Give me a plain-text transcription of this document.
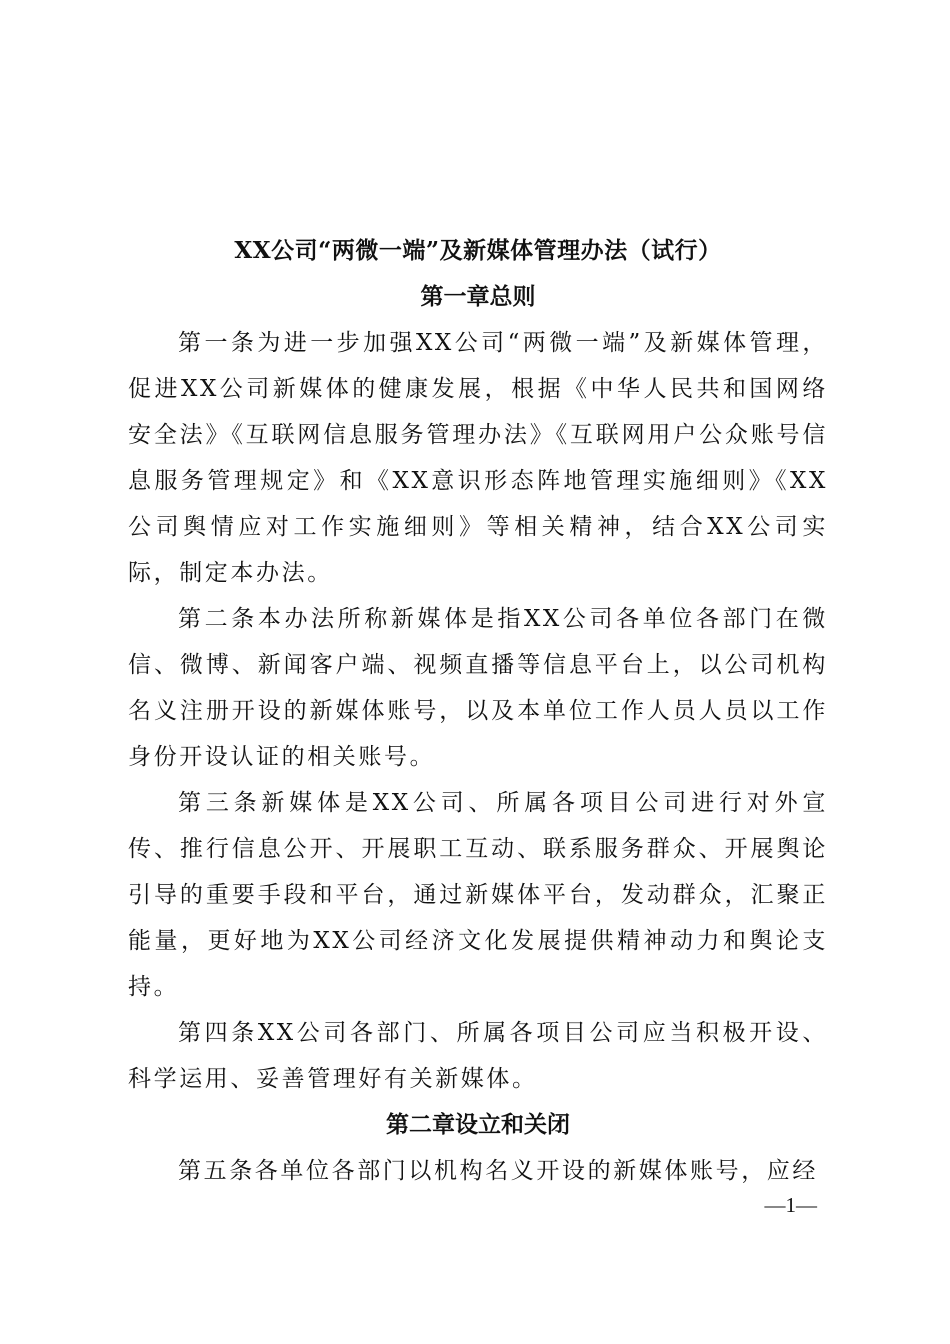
XX公司“两微一端”及新媒体管理办法（试行）
第一章总则

第一条为进一步加强XX公司“两微一端”及新媒体管理，促进XX公司新媒体的健康发展，根据《中华人民共和国网络安全法》《互联网信息服务管理办法》《互联网用户公众账号信息服务管理规定》和《XX意识形态阵地管理实施细则》《XX公司舆情应对工作实施细则》等相关精神，结合XX公司实际，制定本办法。

第二条本办法所称新媒体是指XX公司各单位各部门在微信、微博、新闻客户端、视频直播等信息平台上，以公司机构名义注册开设的新媒体账号，以及本单位工作人员人员以工作身份开设认证的相关账号。

第三条新媒体是XX公司、所属各项目公司进行对外宣传、推行信息公开、开展职工互动、联系服务群众、开展舆论引导的重要手段和平台，通过新媒体平台，发动群众，汇聚正能量，更好地为XX公司经济文化发展提供精神动力和舆论支持。

第四条XX公司各部门、所属各项目公司应当积极开设、科学运用、妥善管理好有关新媒体。

第二章设立和关闭

第五条各单位各部门以机构名义开设的新媒体账号，应经

—1—
